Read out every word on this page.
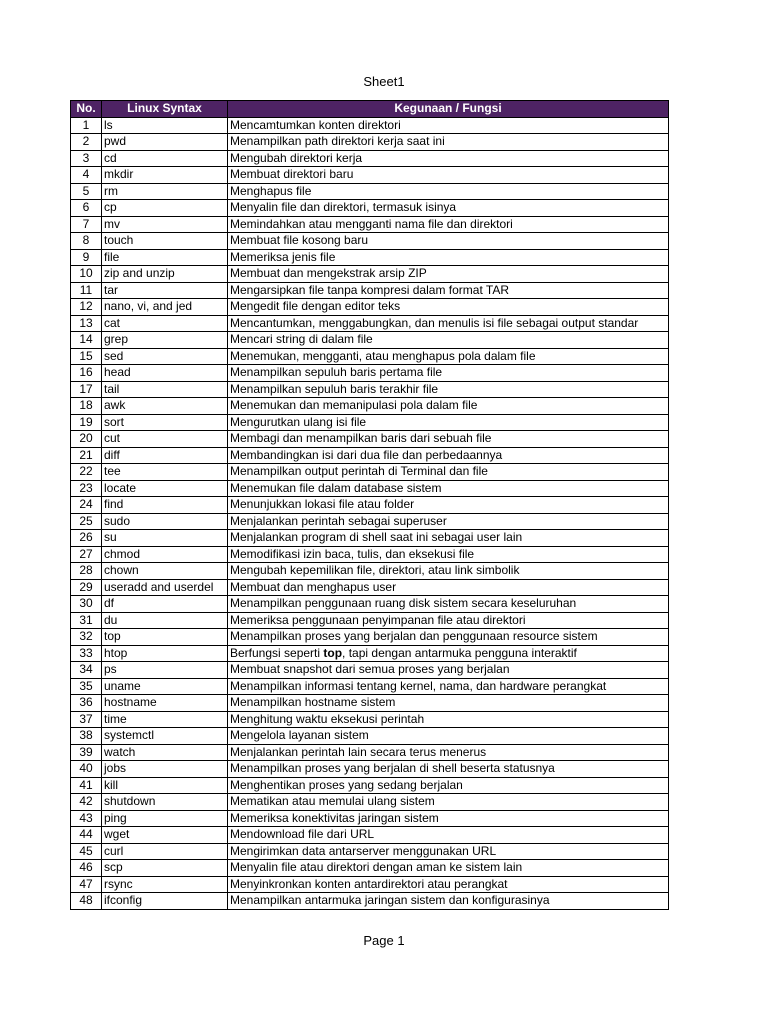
Sheet1
No.	Linux Syntax	Kegunaan / Fungsi
1	ls	Mencamtumkan konten direktori
2	pwd	Menampilkan path direktori kerja saat ini
3	cd	Mengubah direktori kerja
4	mkdir	Membuat direktori baru
5	rm	Menghapus file
6	cp	Menyalin file dan direktori, termasuk isinya
7	mv	Memindahkan atau mengganti nama file dan direktori
8	touch	Membuat file kosong baru
9	file	Memeriksa jenis file
10	zip and unzip	Membuat dan mengekstrak arsip ZIP
11	tar	Mengarsipkan file tanpa kompresi dalam format TAR
12	nano, vi, and jed	Mengedit file dengan editor teks
13	cat	Mencantumkan, menggabungkan, dan menulis isi file sebagai output standar
14	grep	Mencari string di dalam file
15	sed	Menemukan, mengganti, atau menghapus pola dalam file
16	head	Menampilkan sepuluh baris pertama file
17	tail	Menampilkan sepuluh baris terakhir file
18	awk	Menemukan dan memanipulasi pola dalam file
19	sort	Mengurutkan ulang isi file
20	cut	Membagi dan menampilkan baris dari sebuah file
21	diff	Membandingkan isi dari dua file dan perbedaannya
22	tee	Menampilkan output perintah di Terminal dan file
23	locate	Menemukan file dalam database sistem
24	find	Menunjukkan lokasi file atau folder
25	sudo	Menjalankan perintah sebagai superuser
26	su	Menjalankan program di shell saat ini sebagai user lain
27	chmod	Memodifikasi izin baca, tulis, dan eksekusi file
28	chown	Mengubah kepemilikan file, direktori, atau link simbolik
29	useradd and userdel	Membuat dan menghapus user
30	df	Menampilkan penggunaan ruang disk sistem secara keseluruhan
31	du	Memeriksa penggunaan penyimpanan file atau direktori
32	top	Menampilkan proses yang berjalan dan penggunaan resource sistem
33	htop	Berfungsi seperti top, tapi dengan antarmuka pengguna interaktif
34	ps	Membuat snapshot dari semua proses yang berjalan
35	uname	Menampilkan informasi tentang kernel, nama, dan hardware perangkat
36	hostname	Menampilkan hostname sistem
37	time	Menghitung waktu eksekusi perintah
38	systemctl	Mengelola layanan sistem
39	watch	Menjalankan perintah lain secara terus menerus
40	jobs	Menampilkan proses yang berjalan di shell beserta statusnya
41	kill	Menghentikan proses yang sedang berjalan
42	shutdown	Mematikan atau memulai ulang sistem
43	ping	Memeriksa konektivitas jaringan sistem
44	wget	Mendownload file dari URL
45	curl	Mengirimkan data antarserver menggunakan URL
46	scp	Menyalin file atau direktori dengan aman ke sistem lain
47	rsync	Menyinkronkan konten antardirektori atau perangkat
48	ifconfig	Menampilkan antarmuka jaringan sistem dan konfigurasinya
Page 1
